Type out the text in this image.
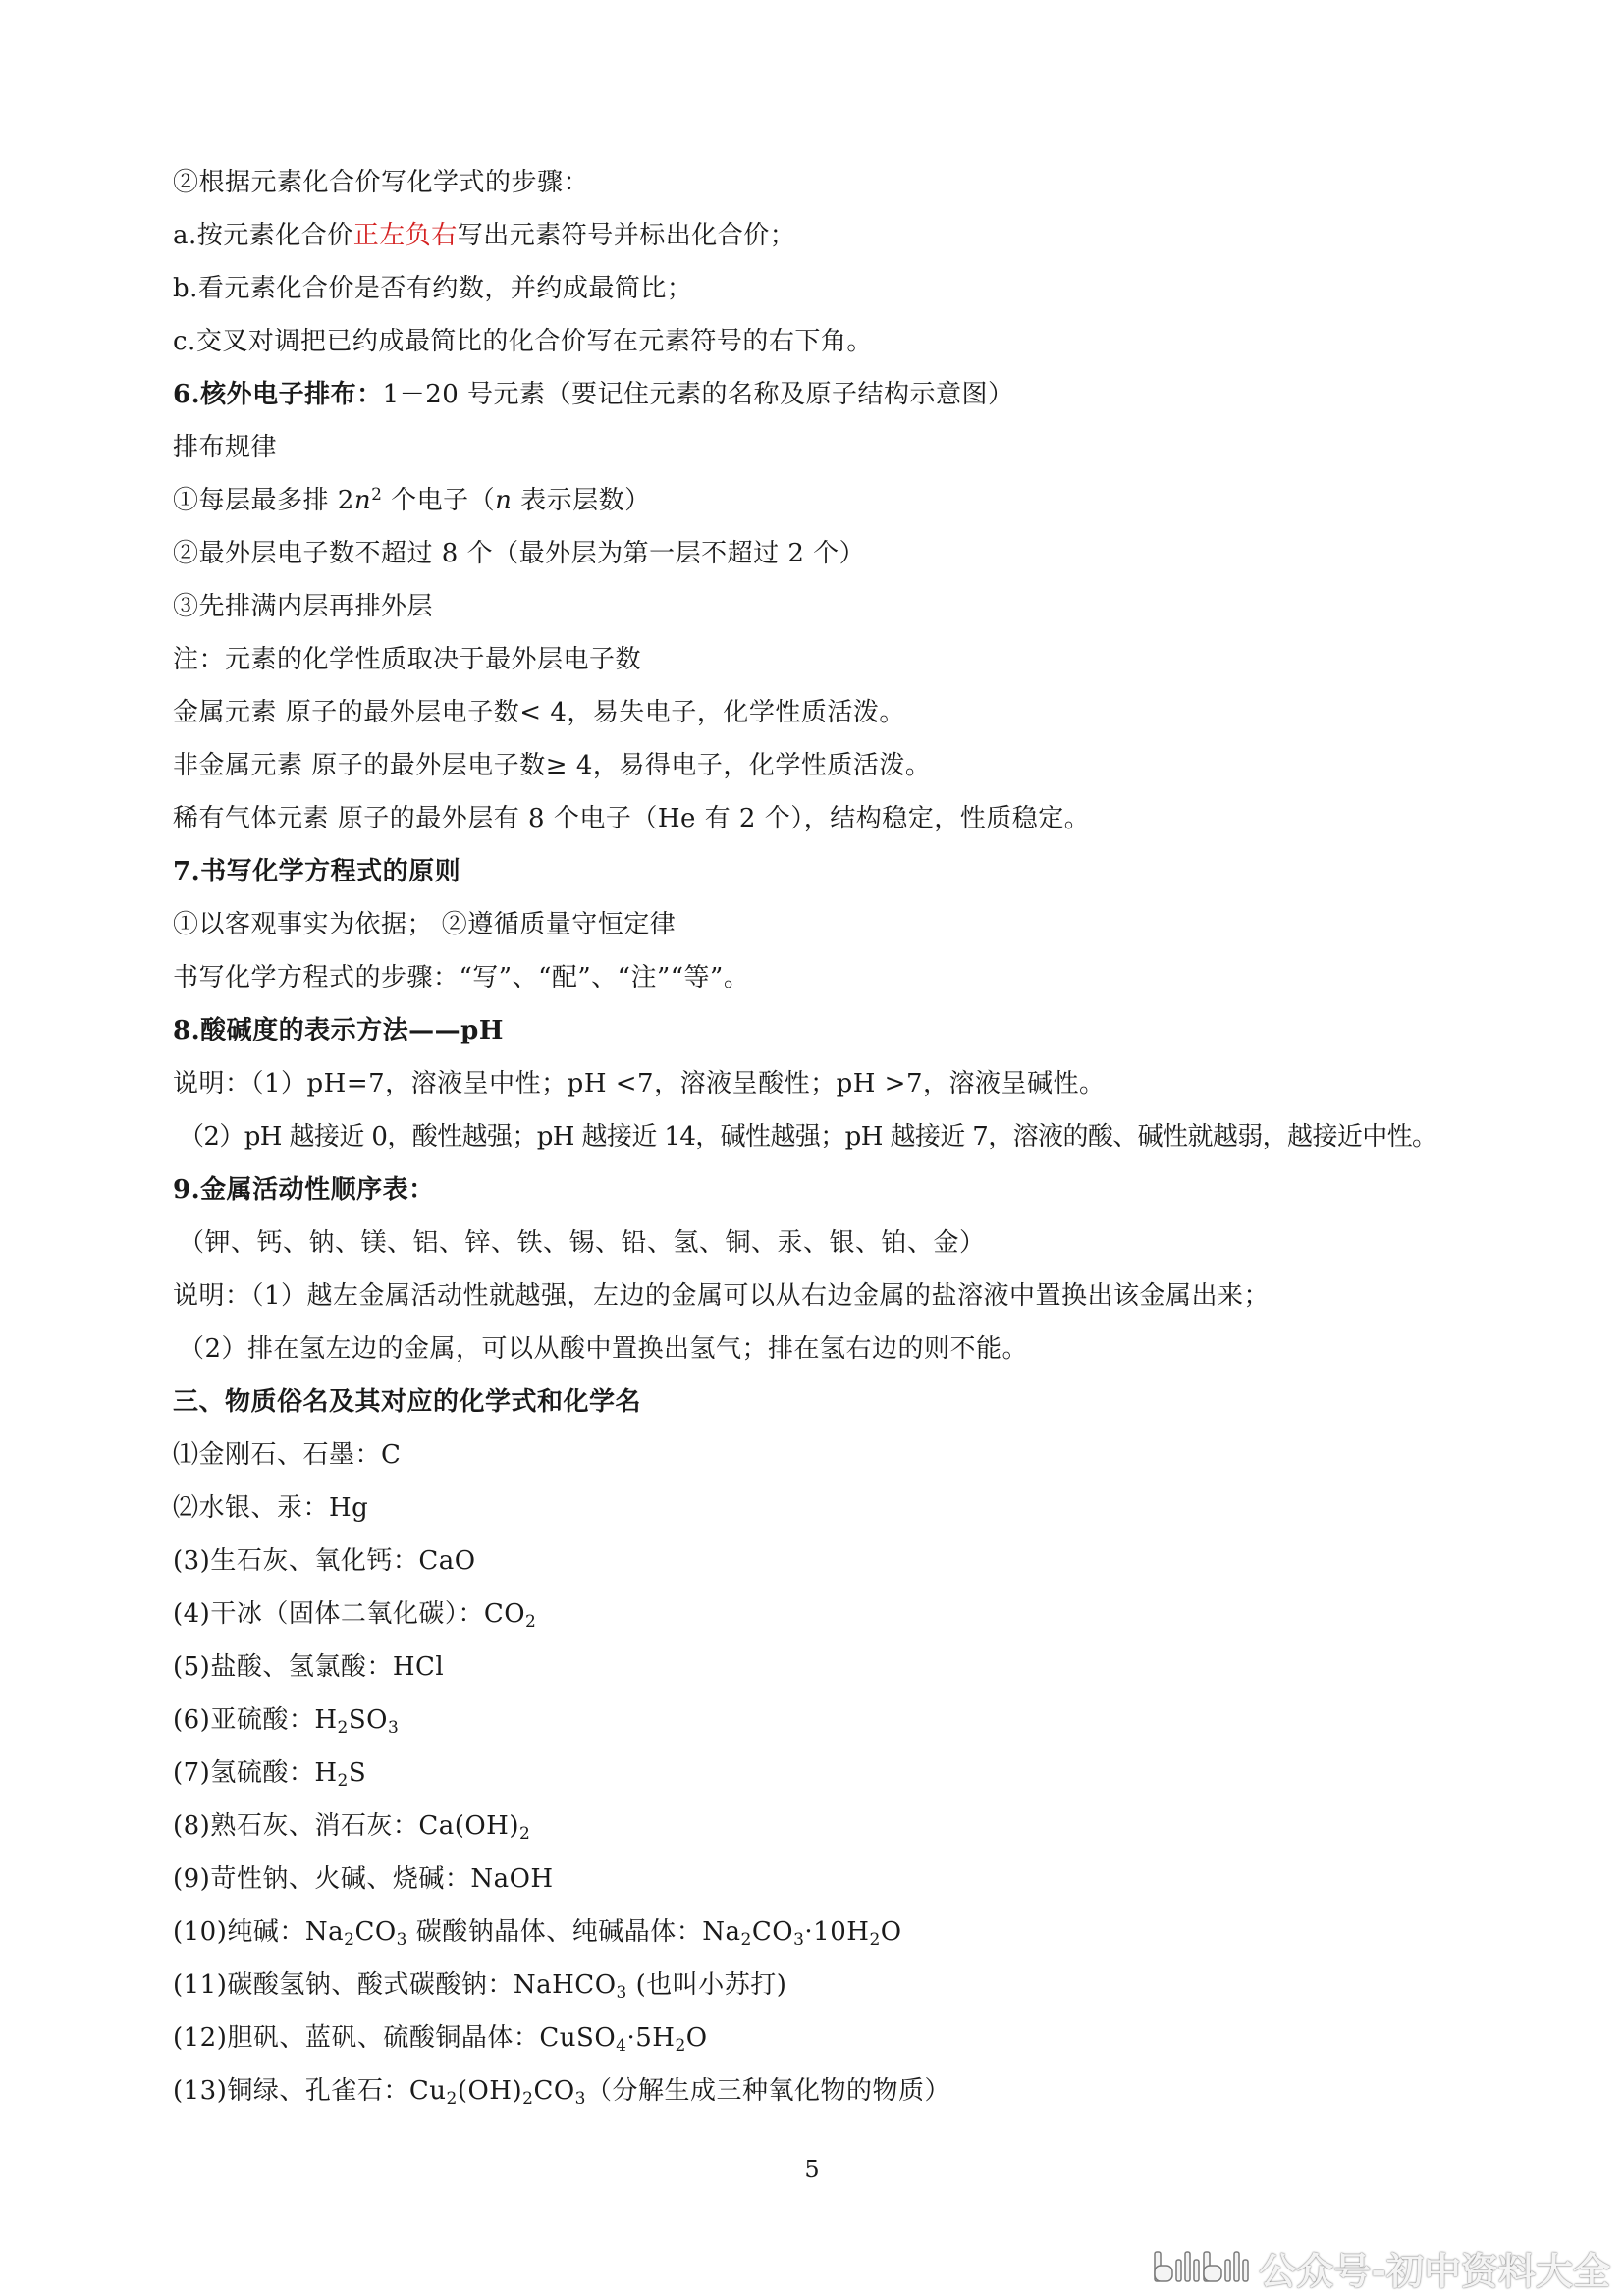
②根据元素化合价写化学式的步骤：
a.按元素化合价正左负右写出元素符号并标出化合价；
b.看元素化合价是否有约数，并约成最简比；
c.交叉对调把已约成最简比的化合价写在元素符号的右下角。
6.核外电子排布：1－20 号元素（要记住元素的名称及原子结构示意图）
排布规律
①每层最多排 $2n^2$ 个电子（n 表示层数）
②最外层电子数不超过 8 个（最外层为第一层不超过 2 个）
③先排满内层再排外层
注：元素的化学性质取决于最外层电子数
金属元素 原子的最外层电子数< 4，易失电子，化学性质活泼。
非金属元素 原子的最外层电子数≥ 4，易得电子，化学性质活泼。
稀有气体元素 原子的最外层有 8 个电子（He 有 2 个），结构稳定，性质稳定。
7.书写化学方程式的原则
①以客观事实为依据； ②遵循质量守恒定律
书写化学方程式的步骤：“写”、“配”、“注”“等”。
8.酸碱度的表示方法——pH
说明：（1）pH=7，溶液呈中性；pH <7，溶液呈酸性；pH >7，溶液呈碱性。
（2）pH 越接近 0，酸性越强；pH 越接近 14，碱性越强；pH 越接近 7，溶液的酸、碱性就越弱，越接近中性。
9.金属活动性顺序表：
（钾、钙、钠、镁、铝、锌、铁、锡、铅、氢、铜、汞、银、铂、金）
说明：（1）越左金属活动性就越强，左边的金属可以从右边金属的盐溶液中置换出该金属出来；
（2）排在氢左边的金属，可以从酸中置换出氢气；排在氢右边的则不能。
三、物质俗名及其对应的化学式和化学名
⑴金刚石、石墨：C
⑵水银、汞：Hg
(3)生石灰、氧化钙：CaO
(4)干冰（固体二氧化碳）：$CO_2$
(5)盐酸、氢氯酸：HCl
(6)亚硫酸：$H_2SO_3$
(7)氢硫酸：$H_2S$
(8)熟石灰、消石灰：$Ca(OH)_2$
(9)苛性钠、火碱、烧碱：NaOH
(10)纯碱：$Na_2CO_3$ 碳酸钠晶体、纯碱晶体：$Na_2CO_3\cdot 10H_2O$
(11)碳酸氢钠、酸式碳酸钠：NaHCO$_3$ (也叫小苏打)
(12)胆矾、蓝矾、硫酸铜晶体：$CuSO_4\cdot 5H_2O$
(13)铜绿、孔雀石：$Cu_2(OH)_2CO_3$（分解生成三种氧化物的物质）
5
公众号-初中资料大全
